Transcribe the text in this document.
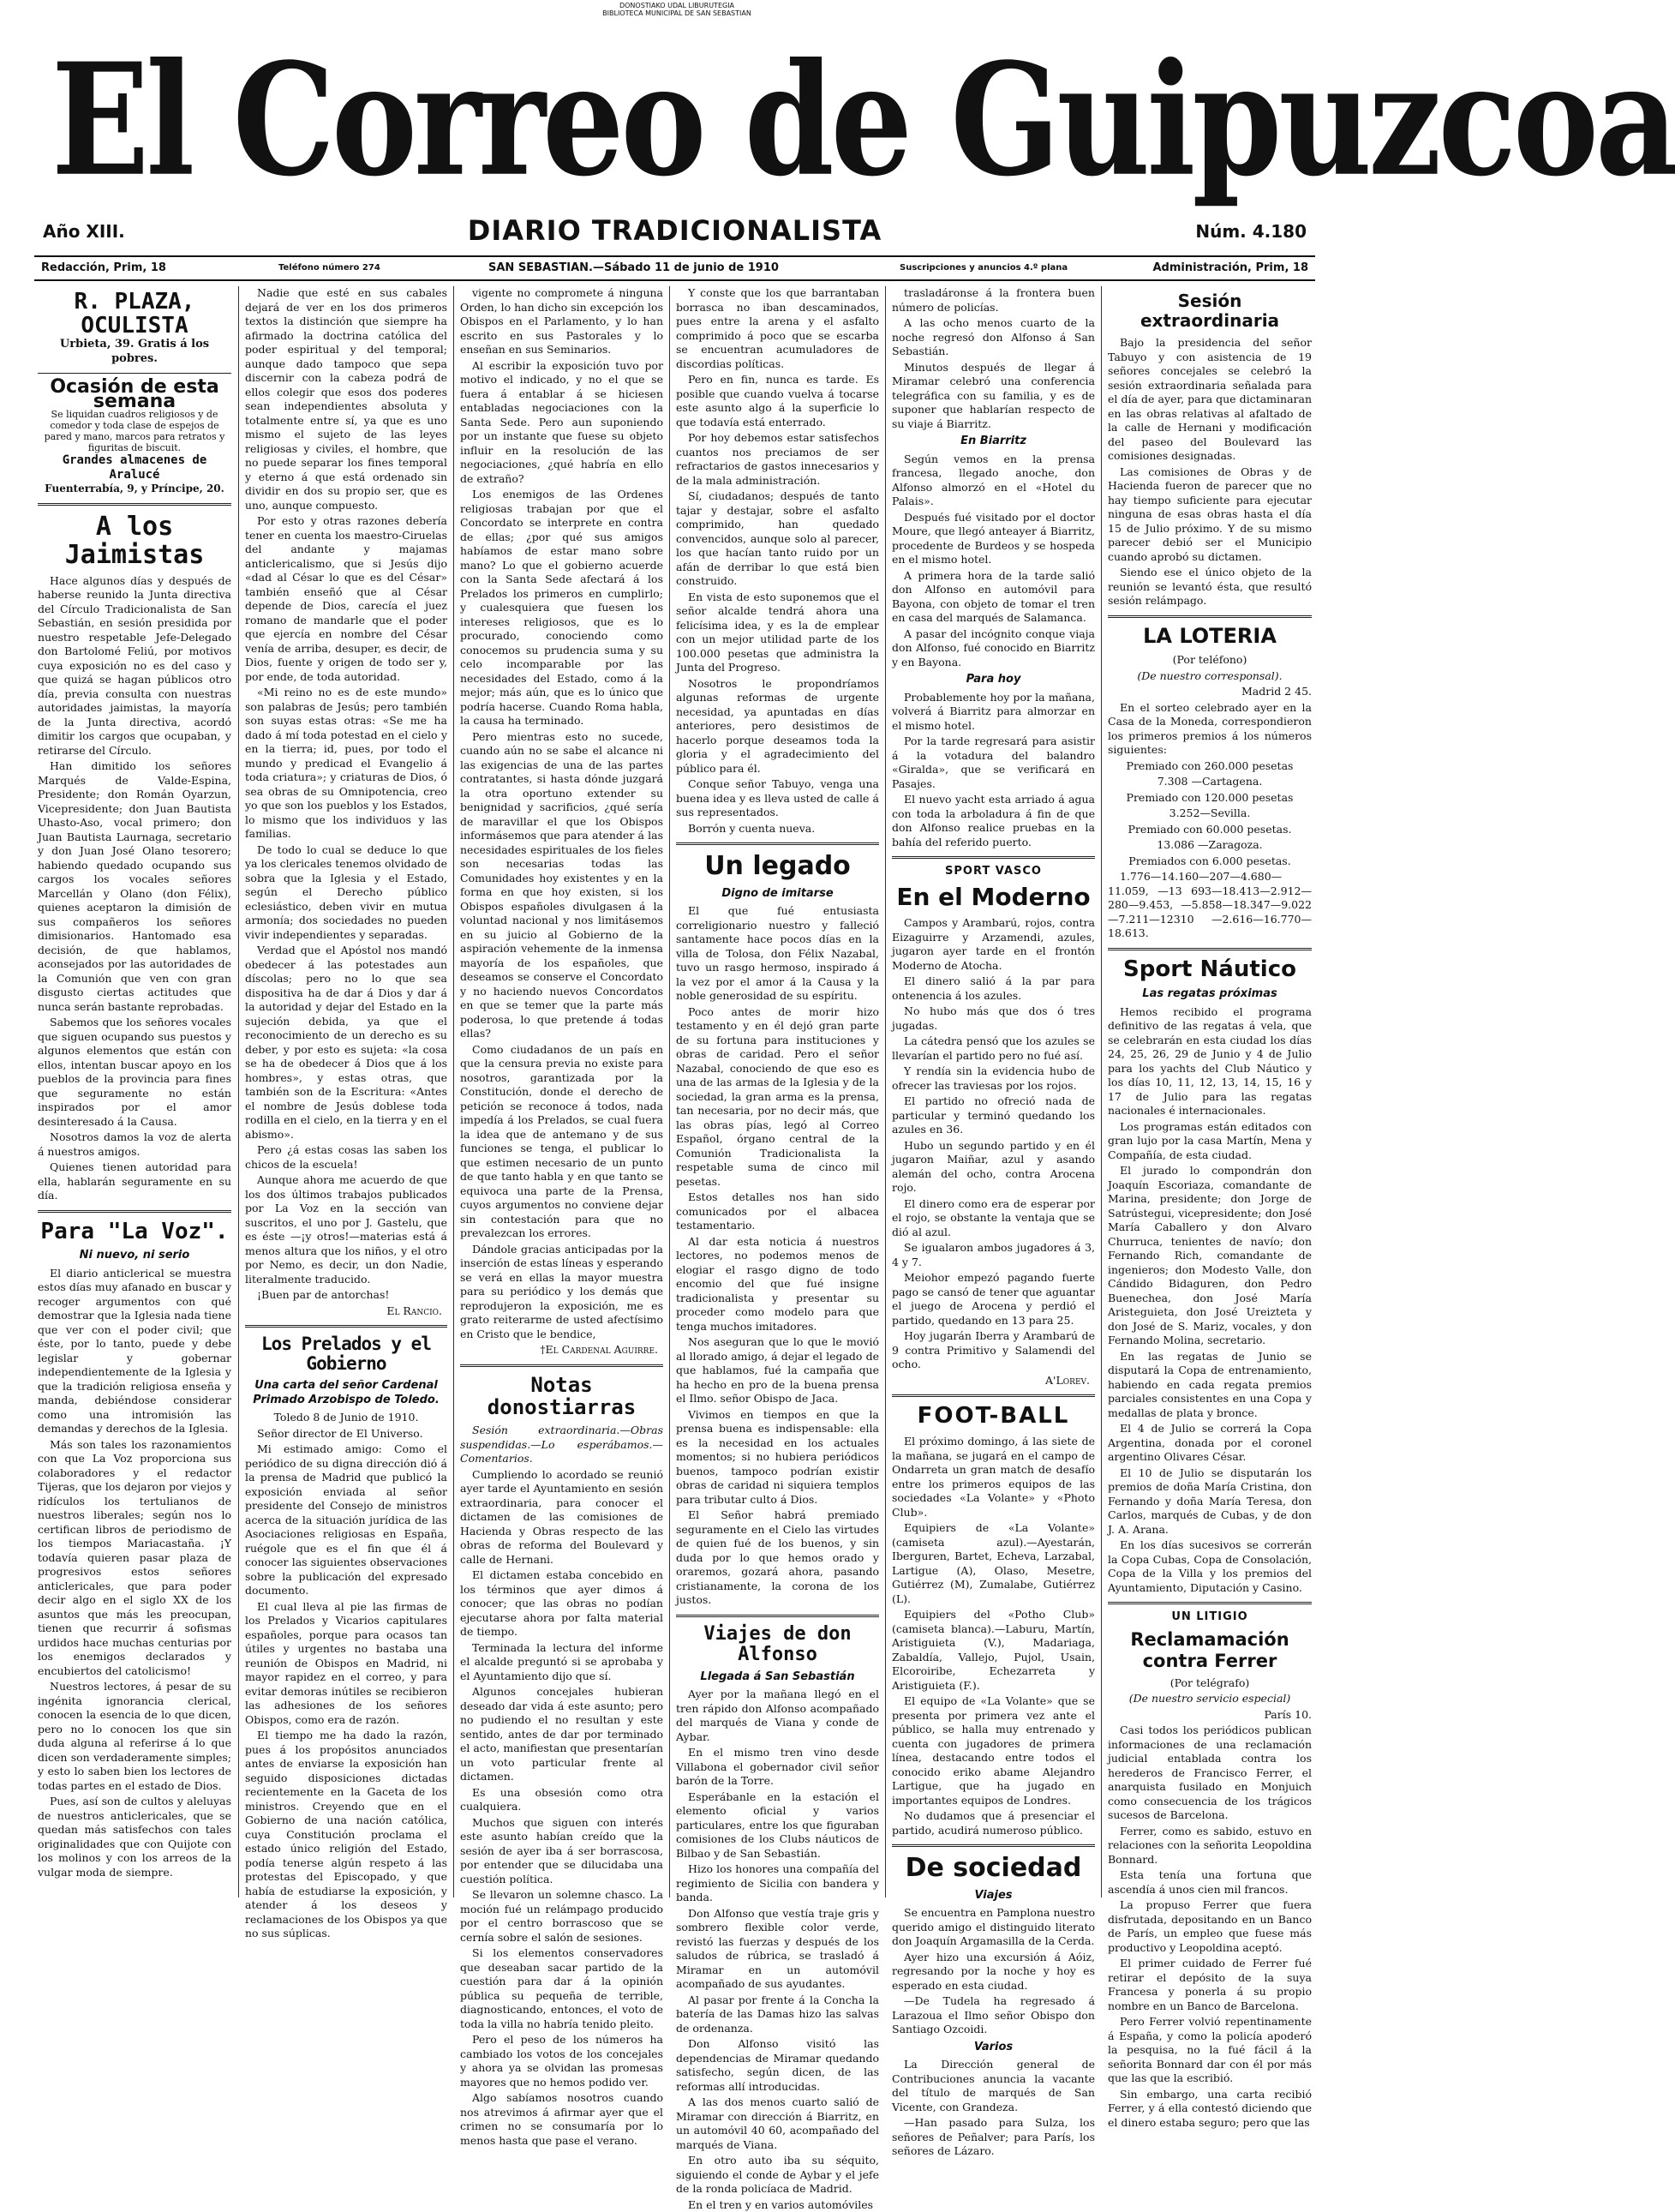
DONOSTIAKO UDAL LIBURUTEGIA
BIBLIOTECA MUNICIPAL DE SAN SEBASTIAN
El Correo de Guipuzcoa
DIARIO TRADICIONALISTA
Año XIII.	Núm. 4.180
Redacción, Prim, 18	Teléfono número 274	SAN SEBASTIAN.—Sábado 11 de junio de 1910	Suscripciones y anuncios 4.º plana	Administración, Prim, 18
R. PLAZA, OCULISTA
Urbieta, 39. Gratis á los pobres.
Ocasión de esta semana
Se liquidan cuadros religiosos y de comedor y toda clase de espejos de pared y mano, marcos para retratos y figuritas de biscuit.
Grandes almacenes de Aralucé
Fuenterrabía, 9, y Príncipe, 20.
A los Jaimistas

Hace algunos días y después de haberse reunido la Junta directiva del Círculo Tradicionalista de San Sebastián, en sesión presidida por nuestro respetable Jefe-Delegado don Bartolomé Feliú, por motivos cuya exposición no es del caso y que quizá se hagan públicos otro día, previa consulta con nuestras autoridades jaimistas, la mayoría de la Junta directiva, acordó dimitir los cargos que ocupaban, y retirarse del Círculo.

Han dimitido los señores Marqués de Valde-Espina, Presidente; don Román Oyarzun, Vicepresidente; don Juan Bautista Uhasto-Aso, vocal primero; don Juan Bautista Laurnaga, secretario y don Juan José Olano tesorero; habiendo quedado ocupando sus cargos los vocales señores Marcellán y Olano (don Félix), quienes aceptaron la dimisión de sus compañeros los señores dimisionarios. Hantomado esa decisión, de que hablamos, aconsejados por las autoridades de la Comunión que ven con gran disgusto ciertas actitudes que nunca serán bastante reprobadas.

Sabemos que los señores vocales que siguen ocupando sus puestos y algunos elementos que están con ellos, intentan buscar apoyo en los pueblos de la provincia para fines que seguramente no están inspirados por el amor desinteresado á la Causa.

Nosotros damos la voz de alerta á nuestros amigos.

Quienes tienen autoridad para ella, hablarán seguramente en su día.

Para "La Voz".
Ni nuevo, ni serio

El diario anticlerical se muestra estos días muy afanado en buscar y recoger argumentos con qué demostrar que la Iglesia nada tiene que ver con el poder civil; que éste, por lo tanto, puede y debe legislar y gobernar independientemente de la Iglesia y que la tradición religiosa enseña y manda, debiéndose considerar como una intromisión las demandas y derechos de la Iglesia.

Más son tales los razonamientos con que La Voz proporciona sus colaboradores y el redactor Tijeras, que los dejaron por viejos y ridículos los tertulianos de nuestros liberales; según nos lo certifican libros de periodismo de los tiempos Mariacastaña. ¡Y todavía quieren pasar plaza de progresivos estos señores anticlericales, que para poder decir algo en el siglo XX de los asuntos que más les preocupan, tienen que recurrir á sofismas urdidos hace muchas centurias por los enemigos declarados y encubiertos del catolicismo!

Nuestros lectores, á pesar de su ingénita ignorancia clerical, conocen la esencia de lo que dicen, pero no lo conocen los que sin duda alguna al referirse á lo que dicen son verdaderamente simples; y esto lo saben bien los lectores de todas partes en el estado de Dios.

Pues, así son de cultos y aleluyas de nuestros anticlericales, que se quedan más satisfechos con tales originalidades que con Quijote con los molinos y con los arreos de la vulgar moda de siempre.

Nadie que esté en sus cabales dejará de ver en los dos primeros textos la distinción que siempre ha afirmado la doctrina católica del poder espiritual y del temporal; aunque dado tampoco que sepa discernir con la cabeza podrá de ellos colegir que esos dos poderes sean independientes absoluta y totalmente entre sí, ya que es uno mismo el sujeto de las leyes religiosas y civiles, el hombre, que no puede separar los fines temporal y eterno á que está ordenado sin dividir en dos su propio ser, que es uno, aunque compuesto.

Por esto y otras razones debería tener en cuenta los maestro-Ciruelas del andante y majamas anticlericalismo, que si Jesús dijo «dad al César lo que es del César» también enseñó que al César depende de Dios, carecía el juez romano de mandarle que el poder que ejercía en nombre del César venía de arriba, desuper, es decir, de Dios, fuente y origen de todo ser y, por ende, de toda autoridad.

«Mi reino no es de este mundo» son palabras de Jesús; pero también son suyas estas otras: «Se me ha dado á mí toda potestad en el cielo y en la tierra; id, pues, por todo el mundo y predicad el Evangelio á toda criatura»; y criaturas de Dios, ó sea obras de su Omnipotencia, creo yo que son los pueblos y los Estados, lo mismo que los individuos y las familias.

De todo lo cual se deduce lo que ya los clericales tenemos olvidado de sobra que la Iglesia y el Estado, según el Derecho público eclesiástico, deben vivir en mutua armonía; dos sociedades no pueden vivir independientes y separadas.

Verdad que el Apóstol nos mandó obedecer á las potestades aun díscolas; pero no lo que sea dispositiva ha de dar á Dios y dar á la autoridad y dejar del Estado en la sujeción debida, ya que el reconocimiento de un derecho es su deber, y por esto es sujeta: «la cosa se ha de obedecer á Dios que á los hombres», y estas otras, que también son de la Escritura: «Antes el nombre de Jesús doblese toda rodilla en el cielo, en la tierra y en el abismo».

Pero ¿á estas cosas las saben los chicos de la escuela!

Aunque ahora me acuerdo de que los dos últimos trabajos publicados por La Voz en la sección van suscritos, el uno por J. Gastelu, que es éste —¡y otros!—materias está á menos altura que los niños, y el otro por Nemo, es decir, un don Nadie, literalmente traducido.

¡Buen par de antorchas!

El Rancio.
Los Prelados y el Gobierno
Una carta del señor Cardenal Primado Arzobispo de Toledo.

Toledo 8 de Junio de 1910.

Señor director de El Universo.

Mi estimado amigo: Como el periódico de su digna dirección dió á la prensa de Madrid que publicó la exposición enviada al señor presidente del Consejo de ministros acerca de la situación jurídica de las Asociaciones religiosas en España, ruégole que es el fin que él á conocer las siguientes observaciones sobre la publicación del expresado documento.

El cual lleva al pie las firmas de los Prelados y Vicarios capitulares españoles, porque para ocasos tan útiles y urgentes no bastaba una reunión de Obispos en Madrid, ni mayor rapidez en el correo, y para evitar demoras inútiles se recibieron las adhesiones de los señores Obispos, como era de razón.

El tiempo me ha dado la razón, pues á los propósitos anunciados antes de enviarse la exposición han seguido disposiciones dictadas recientemente en la Gaceta de los ministros. Creyendo que en el Gobierno de una nación católica, cuya Constitución proclama el estado único religión del Estado, podía tenerse algún respeto á las protestas del Episcopado, y que había de estudiarse la exposición, y atender á los deseos y reclamaciones de los Obispos ya que no sus súplicas.

vigente no compromete á ninguna Orden, lo han dicho sin excepción los Obispos en el Parlamento, y lo han escrito en sus Pastorales y lo enseñan en sus Seminarios.

Al escribir la exposición tuvo por motivo el indicado, y no el que se fuera á entablar á se hiciesen entabladas negociaciones con la Santa Sede. Pero aun suponiendo por un instante que fuese su objeto influir en la resolución de las negociaciones, ¿qué habría en ello de extraño?

Los enemigos de las Ordenes religiosas trabajan por que el Concordato se interprete en contra de ellas; ¿por qué sus amigos habíamos de estar mano sobre mano? Lo que el gobierno acuerde con la Santa Sede afectará á los Prelados los primeros en cumplirlo; y cualesquiera que fuesen los intereses religiosos, que es lo procurado, conociendo como conocemos su prudencia suma y su celo incomparable por las necesidades del Estado, como á la mejor; más aún, que es lo único que podría hacerse. Cuando Roma habla, la causa ha terminado.

Pero mientras esto no sucede, cuando aún no se sabe el alcance ni las exigencias de una de las partes contratantes, si hasta dónde juzgará la otra oportuno extender su benignidad y sacrificios, ¿qué sería de maravillar el que los Obispos informásemos que para atender á las necesidades espirituales de los fieles son necesarias todas las Comunidades hoy existentes y en la forma en que hoy existen, si los Obispos españoles divulgasen á la voluntad nacional y nos limitásemos en su juicio al Gobierno de la aspiración vehemente de la inmensa mayoría de los españoles, que deseamos se conserve el Concordato y no haciendo nuevos Concordatos en que se temer que la parte más poderosa, lo que pretende á todas ellas?

Como ciudadanos de un país en que la censura previa no existe para nosotros, garantizada por la Constitución, donde el derecho de petición se reconoce á todos, nada impedía á los Prelados, se cual fuera la idea que de antemano y de sus funciones se tenga, el publicar lo que estimen necesario de un punto de que tanto habla y en que tanto se equivoca una parte de la Prensa, cuyos argumentos no conviene dejar sin contestación para que no prevalezcan los errores.

Dándole gracias anticipadas por la inserción de estas líneas y esperando se verá en ellas la mayor muestra para su periódico y los demás que reprodujeron la exposición, me es grato reiterarme de usted afectísimo en Cristo que le bendice,

†El Cardenal Aguirre.
Notas donostiarras

Sesión extraordinaria.—Obras suspendidas.—Lo esperábamos.—Comentarios.

Cumpliendo lo acordado se reunió ayer tarde el Ayuntamiento en sesión extraordinaria, para conocer el dictamen de las comisiones de Hacienda y Obras respecto de las obras de reforma del Boulevard y calle de Hernani.

El dictamen estaba concebido en los términos que ayer dimos á conocer; que las obras no podían ejecutarse ahora por falta material de tiempo.

Terminada la lectura del informe el alcalde preguntó si se aprobaba y el Ayuntamiento dijo que sí.

Algunos concejales hubieran deseado dar vida á este asunto; pero no pudiendo el no resultan y este sentido, antes de dar por terminado el acto, manifiestan que presentarían un voto particular frente al dictamen.

Es una obsesión como otra cualquiera.

Muchos que siguen con interés este asunto habían creído que la sesión de ayer iba á ser borrascosa, por entender que se dilucidaba una cuestión política.

Se llevaron un solemne chasco. La moción fué un relámpago producido por el centro borrascoso que se cernía sobre el salón de sesiones.

Si los elementos conservadores que deseaban sacar partido de la cuestión para dar á la opinión pública su pequeña de terrible, diagnosticando, entonces, el voto de toda la villa no habría tenido pleito.

Pero el peso de los números ha cambiado los votos de los concejales y ahora ya se olvidan las promesas mayores que no hemos podido ver.

Algo sabíamos nosotros cuando nos atrevimos á afirmar ayer que el crimen no se consumaría por lo menos hasta que pase el verano.

Y conste que los que barrantaban borrasca no iban descaminados, pues entre la arena y el asfalto comprimido á poco que se escarba se encuentran acumuladores de discordias políticas.

Pero en fin, nunca es tarde. Es posible que cuando vuelva á tocarse este asunto algo á la superficie lo que todavía está enterrado.

Por hoy debemos estar satisfechos cuantos nos preciamos de ser refractarios de gastos innecesarios y de la mala administración.

Sí, ciudadanos; después de tanto tajar y destajar, sobre el asfalto comprimido, han quedado convencidos, aunque solo al parecer, los que hacían tanto ruido por un afán de derribar lo que está bien construido.

En vista de esto suponemos que el señor alcalde tendrá ahora una felicísima idea, y es la de emplear con un mejor utilidad parte de los 100.000 pesetas que administra la Junta del Progreso.

Nosotros le propondríamos algunas reformas de urgente necesidad, ya apuntadas en días anteriores, pero desistimos de hacerlo porque deseamos toda la gloria y el agradecimiento del público para él.

Conque señor Tabuyo, venga una buena idea y es lleva usted de calle á sus representados.

Borrón y cuenta nueva.

Un legado
Digno de imitarse

El que fué entusiasta correligionario nuestro y falleció santamente hace pocos días en la villa de Tolosa, don Félix Nazabal, tuvo un rasgo hermoso, inspirado á la vez por el amor á la Causa y la noble generosidad de su espíritu.

Poco antes de morir hizo testamento y en él dejó gran parte de su fortuna para instituciones y obras de caridad. Pero el señor Nazabal, conociendo de que eso es una de las armas de la Iglesia y de la sociedad, la gran arma es la prensa, tan necesaria, por no decir más, que las obras pías, legó al Correo Español, órgano central de la Comunión Tradicionalista la respetable suma de cinco mil pesetas.

Estos detalles nos han sido comunicados por el albacea testamentario.

Al dar esta noticia á nuestros lectores, no podemos menos de elogiar el rasgo digno de todo encomio del que fué insigne tradicionalista y presentar su proceder como modelo para que tenga muchos imitadores.

Nos aseguran que lo que le movió al llorado amigo, á dejar el legado de que hablamos, fué la campaña que ha hecho en pro de la buena prensa el Ilmo. señor Obispo de Jaca.

Vivimos en tiempos en que la prensa buena es indispensable: ella es la necesidad en los actuales momentos; si no hubiera periódicos buenos, tampoco podrían existir obras de caridad ni siquiera templos para tributar culto á Dios.

El Señor habrá premiado seguramente en el Cielo las virtudes de quien fué de los buenos, y sin duda por lo que hemos orado y oraremos, gozará ahora, pasando cristianamente, la corona de los justos.

Viajes de don Alfonso
Llegada á San Sebastián

Ayer por la mañana llegó en el tren rápido don Alfonso acompañado del marqués de Viana y conde de Aybar.

En el mismo tren vino desde Villabona el gobernador civil señor barón de la Torre.

Esperábanle en la estación el elemento oficial y varios particulares, entre los que figuraban comisiones de los Clubs náuticos de Bilbao y de San Sebastián.

Hizo los honores una compañía del regimiento de Sicilia con bandera y banda.

Don Alfonso que vestía traje gris y sombrero flexible color verde, revistó las fuerzas y después de los saludos de rúbrica, se trasladó á Miramar en un automóvil acompañado de sus ayudantes.

Al pasar por frente á la Concha la batería de las Damas hizo las salvas de ordenanza.

Don Alfonso visitó las dependencias de Miramar quedando satisfecho, según dicen, de las reformas allí introducidas.

A las dos menos cuarto salió de Miramar con dirección á Biarritz, en un automóvil 40 60, acompañado del marqués de Viana.

En otro auto iba su séquito, siguiendo el conde de Aybar y el jefe de la ronda policíaca de Madrid.

En el tren y en varios automóviles

trasladáronse á la frontera buen número de policías.

A las ocho menos cuarto de la noche regresó don Alfonso á San Sebastián.

Minutos después de llegar á Miramar celebró una conferencia telegráfica con su familia, y es de suponer que hablarían respecto de su viaje á Biarritz.

En Biarritz

Según vemos en la prensa francesa, llegado anoche, don Alfonso almorzó en el «Hotel du Palais».

Después fué visitado por el doctor Moure, que llegó anteayer á Biarritz, procedente de Burdeos y se hospeda en el mismo hotel.

A primera hora de la tarde salió don Alfonso en automóvil para Bayona, con objeto de tomar el tren en casa del marqués de Salamanca.

A pasar del incógnito conque viaja don Alfonso, fué conocido en Biarritz y en Bayona.

Para hoy

Probablemente hoy por la mañana, volverá á Biarritz para almorzar en el mismo hotel.

Por la tarde regresará para asistir á la votadura del balandro «Giralda», que se verificará en Pasajes.

El nuevo yacht esta arriado á agua con toda la arboladura á fin de que don Alfonso realice pruebas en la bahía del referido puerto.

SPORT VASCO
En el Moderno

Campos y Arambarú, rojos, contra Eizaguirre y Arzamendi, azules, jugaron ayer tarde en el frontón Moderno de Atocha.

El dinero salió á la par para ontenencia á los azules.

No hubo más que dos ó tres jugadas.

La cátedra pensó que los azules se llevarían el partido pero no fué así.

Y rendía sin la evidencia hubo de ofrecer las traviesas por los rojos.

El partido no ofreció nada de particular y terminó quedando los azules en 36.

Hubo un segundo partido y en él jugaron Maiñar, azul y asando alemán del ocho, contra Arocena rojo.

El dinero como era de esperar por el rojo, se obstante la ventaja que se dió al azul.

Se igualaron ambos jugadores á 3, 4 y 7.

Meiohor empezó pagando fuerte pago se cansó de tener que aguantar el juego de Arocena y perdió el partido, quedando en 13 para 25.

Hoy jugarán Iberra y Arambarú de 9 contra Primitivo y Salamendi del ocho.

A'Lorev.
FOOT-BALL

El próximo domingo, á las siete de la mañana, se jugará en el campo de Ondarreta un gran match de desafío entre los primeros equipos de las sociedades «La Volante» y «Photo Club».

Equipiers de «La Volante» (camiseta azul).—Ayestarán, Iberguren, Bartet, Echeva, Larzabal, Lartigue (A), Olaso, Mesetre, Gutiérrez (M), Zumalabe, Gutiérrez (L).

Equipiers del «Potho Club» (camiseta blanca).—Laburu, Martín, Aristiguieta (V.), Madariaga, Zabaldía, Vallejo, Pujol, Usain, Elcoroiribe, Echezarreta y Aristiguieta (F.).

El equipo de «La Volante» que se presenta por primera vez ante el público, se halla muy entrenado y cuenta con jugadores de primera línea, destacando entre todos el conocido eriko abame Alejandro Lartigue, que ha jugado en importantes equipos de Londres.

No dudamos que á presenciar el partido, acudirá numeroso público.

De sociedad
Viajes

Se encuentra en Pamplona nuestro querido amigo el distinguido literato don Joaquín Argamasilla de la Cerda.

Ayer hizo una excursión á Aóiz, regresando por la noche y hoy es esperado en esta ciudad.

—De Tudela ha regresado á Larazoua el Ilmo señor Obispo don Santiago Ozcoidi.

Varios

La Dirección general de Contribuciones anuncia la vacante del título de marqués de San Vicente, con Grandeza.

—Han pasado para Sulza, los señores de Peñalver; para París, los señores de Lázaro.

Sesión extraordinaria

Bajo la presidencia del señor Tabuyo y con asistencia de 19 señores concejales se celebró la sesión extraordinaria señalada para el día de ayer, para que dictaminaran en las obras relativas al afaltado de la calle de Hernani y modificación del paseo del Boulevard las comisiones designadas.

Las comisiones de Obras y de Hacienda fueron de parecer que no hay tiempo suficiente para ejecutar ninguna de esas obras hasta el día 15 de Julio próximo. Y de su mismo parecer debió ser el Municipio cuando aprobó su dictamen.

Siendo ese el único objeto de la reunión se levantó ésta, que resultó sesión relámpago.

LA LOTERIA

(Por teléfono)

(De nuestro corresponsal).

Madrid 2 45.

En el sorteo celebrado ayer en la Casa de la Moneda, correspondieron los primeros premios á los números siguientes:

Premiado con 260.000 pesetas

7.308 —Cartagena.

Premiado con 120.000 pesetas

3.252—Sevilla.

Premiado con 60.000 pesetas.

13.086 —Zaragoza.

Premiados con 6.000 pesetas.

1.776—14.160—207—4.680—11.059, —13 693—18.413—2.912—280—9.453, —5.858—18.347—9.022—7.211—12310 —2.616—16.770—18.613.

Sport Náutico
Las regatas próximas

Hemos recibido el programa definitivo de las regatas á vela, que se celebrarán en esta ciudad los días 24, 25, 26, 29 de Junio y 4 de Julio para los yachts del Club Náutico y los días 10, 11, 12, 13, 14, 15, 16 y 17 de Julio para las regatas nacionales é internacionales.

Los programas están editados con gran lujo por la casa Martín, Mena y Compañía, de esta ciudad.

El jurado lo compondrán don Joaquín Escoriaza, comandante de Marina, presidente; don Jorge de Satrústegui, vicepresidente; don José María Caballero y don Alvaro Churruca, tenientes de navío; don Fernando Rich, comandante de ingenieros; don Modesto Valle, don Cándido Bidaguren, don Pedro Buenechea, don José María Aristeguieta, don José Ureizteta y don José de S. Mariz, vocales, y don Fernando Molina, secretario.

En las regatas de Junio se disputará la Copa de entrenamiento, habiendo en cada regata premios parciales consistentes en una Copa y medallas de plata y bronce.

El 4 de Julio se correrá la Copa Argentina, donada por el coronel argentino Olivares César.

El 10 de Julio se disputarán los premios de doña María Cristina, don Fernando y doña María Teresa, don Carlos, marqués de Cubas, y de don J. A. Arana.

En los días sucesivos se correrán la Copa Cubas, Copa de Consolación, Copa de la Villa y los premios del Ayuntamiento, Diputación y Casino.

UN LITIGIO
Reclamamación contra Ferrer

(Por telégrafo)

(De nuestro servicio especial)

París 10.

Casi todos los periódicos publican informaciones de una reclamación judicial entablada contra los herederos de Francisco Ferrer, el anarquista fusilado en Monjuich como consecuencia de los trágicos sucesos de Barcelona.

Ferrer, como es sabido, estuvo en relaciones con la señorita Leopoldina Bonnard.

Esta tenía una fortuna que ascendía á unos cien mil francos.

La propuso Ferrer que fuera disfrutada, depositando en un Banco de París, un empleo que fuese más productivo y Leopoldina aceptó.

El primer cuidado de Ferrer fué retirar el depósito de la suya Francesa y ponerla á su propio nombre en un Banco de Barcelona.

Pero Ferrer volvió repentinamente á España, y como la policía apoderó la pesquisa, no la fué fácil á la señorita Bonnard dar con él por más que las que la escribió.

Sin embargo, una carta recibió Ferrer, y á ella contestó diciendo que el dinero estaba seguro; pero que las
